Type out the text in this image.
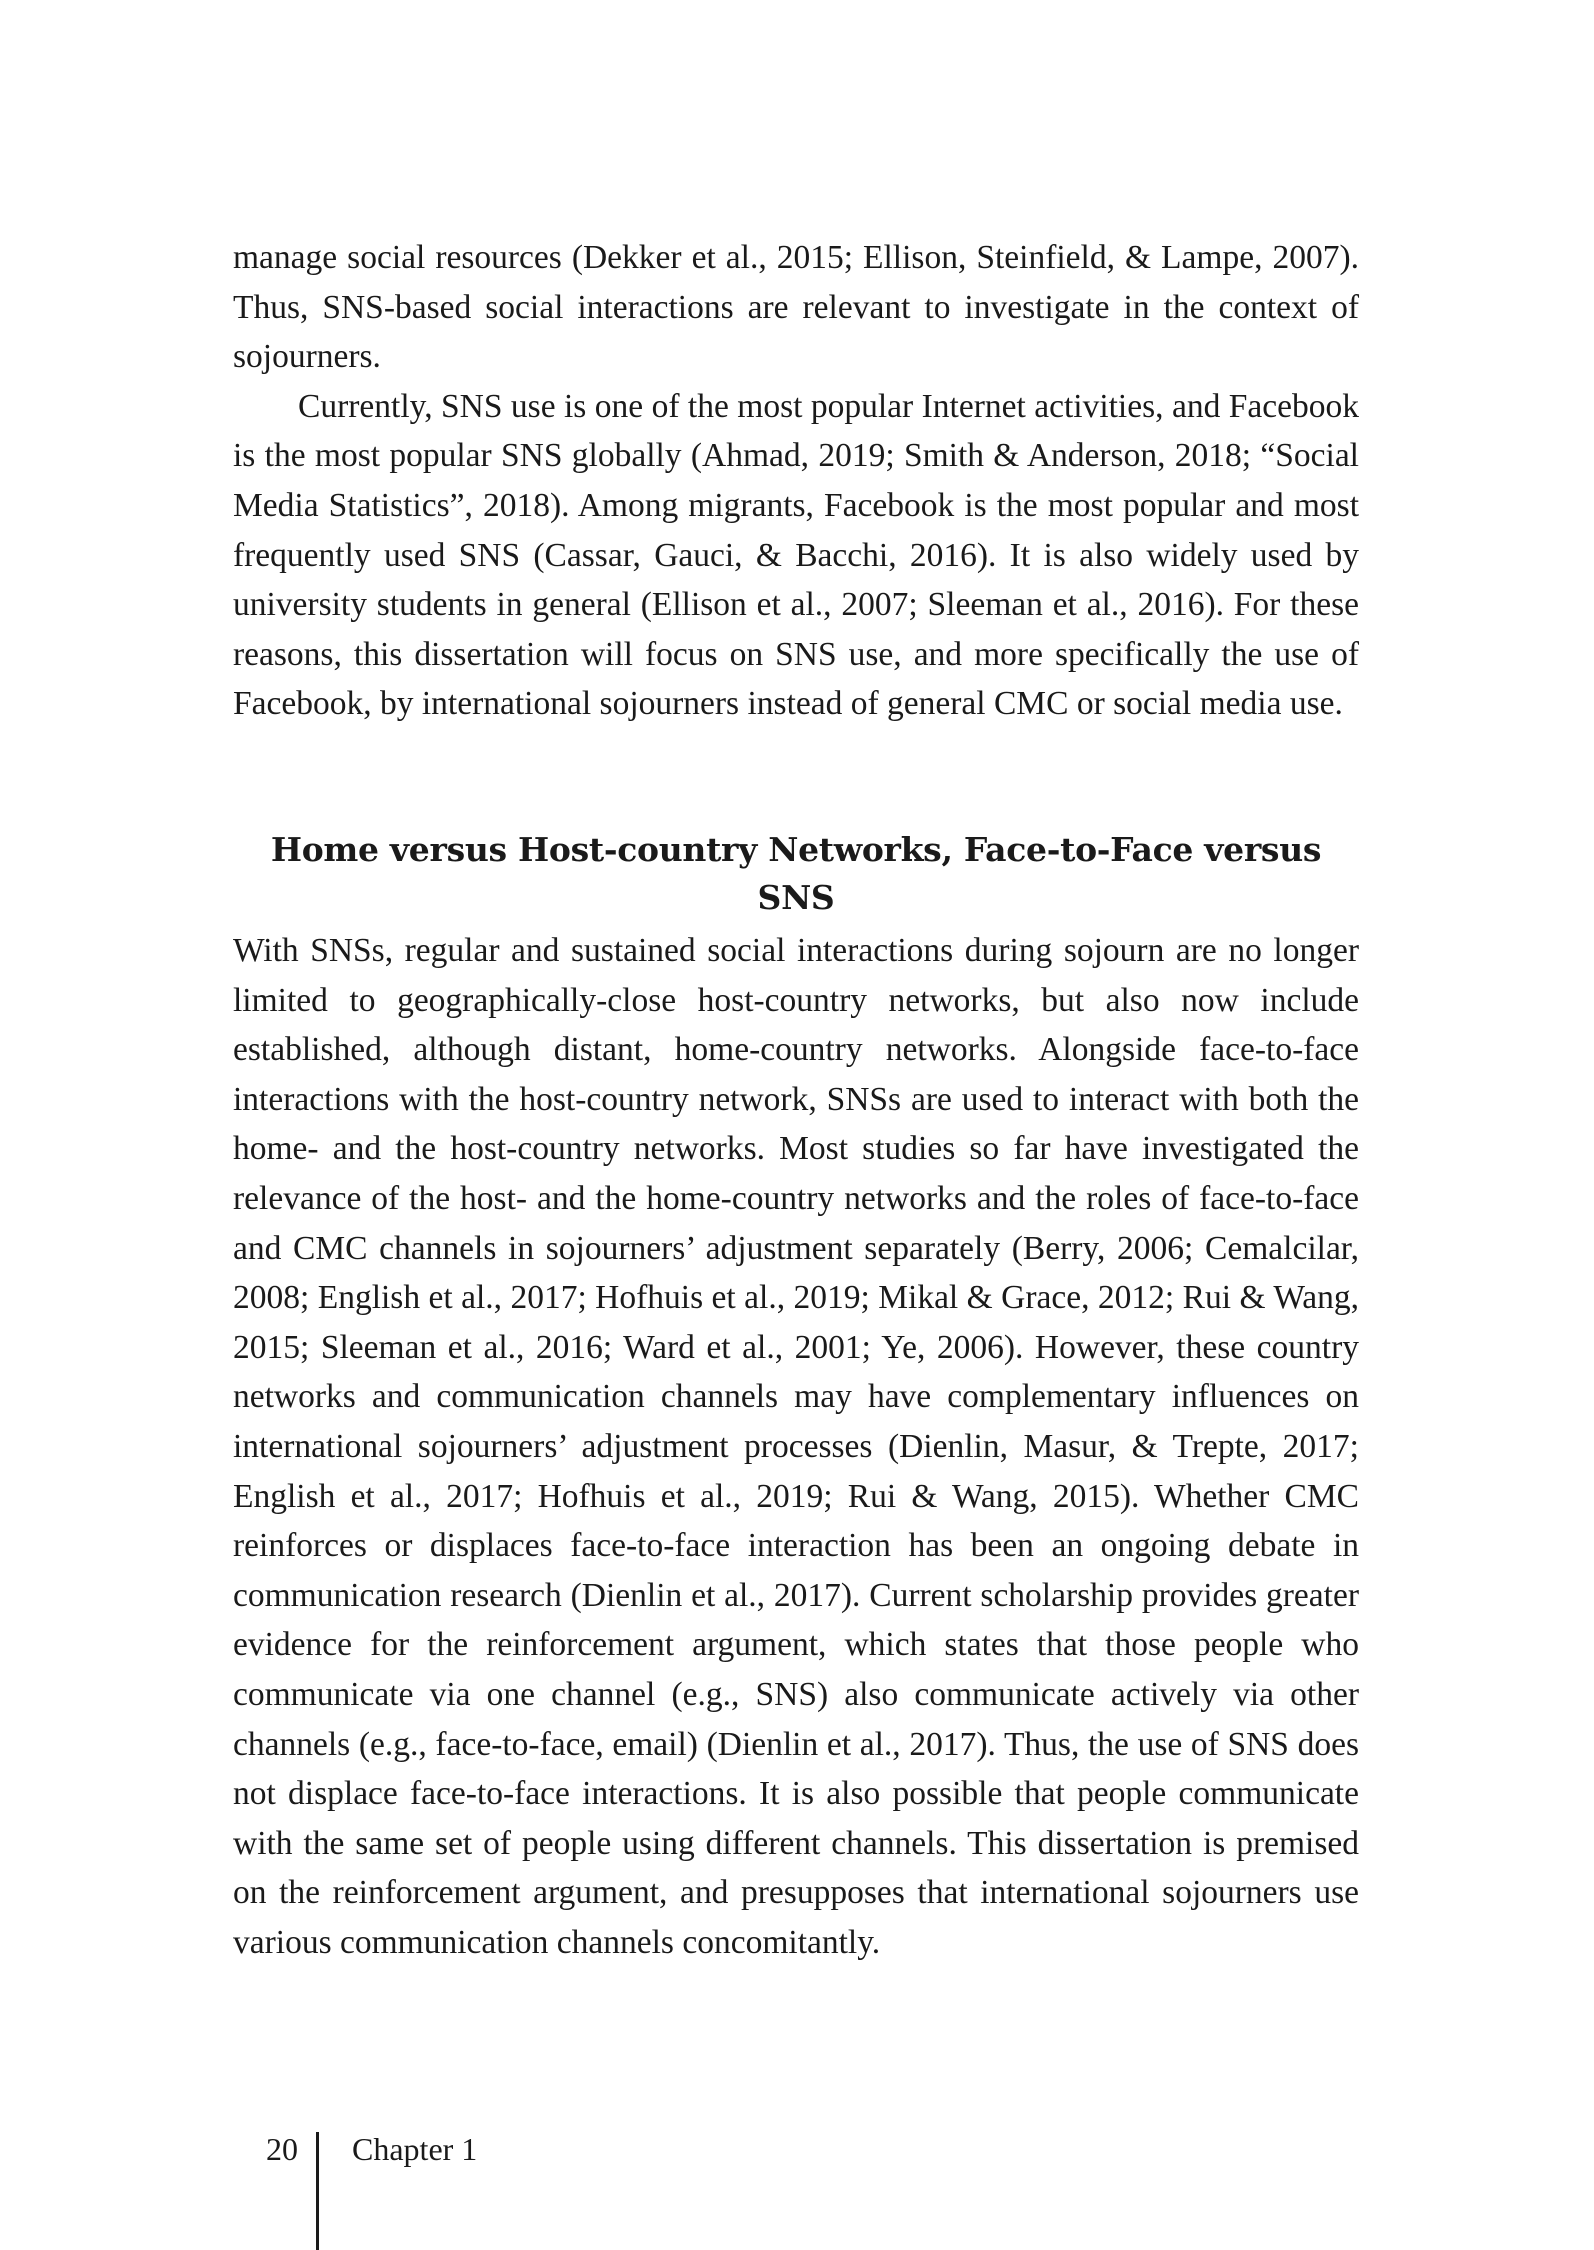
manage social resources (Dekker et al., 2015; Ellison, Steinfield, & Lampe, 2007). Thus, SNS-based social interactions are relevant to investigate in the context of sojourners.

Currently, SNS use is one of the most popular Internet activities, and Facebook is the most popular SNS globally (Ahmad, 2019; Smith & Anderson, 2018; “Social Media Statistics”, 2018). Among migrants, Facebook is the most popular and most frequently used SNS (Cassar, Gauci, & Bacchi, 2016). It is also widely used by university students in general (Ellison et al., 2007; Sleeman et al., 2016). For these reasons, this dissertation will focus on SNS use, and more specifically the use of Facebook, by international sojourners instead of general CMC or social media use.

Home versus Host-country Networks, Face-to-Face versus SNS

With SNSs, regular and sustained social interactions during sojourn are no longer limited to geographically-close host-country networks, but also now include established, although distant, home-country networks. Alongside face-to-face interactions with the host-country network, SNSs are used to interact with both the home- and the host-country networks. Most studies so far have investigated the relevance of the host- and the home-country networks and the roles of face-to-face and CMC channels in sojourners’ adjustment separately (Berry, 2006; Cemalcilar, 2008; English et al., 2017; Hofhuis et al., 2019; Mikal & Grace, 2012; Rui & Wang, 2015; Sleeman et al., 2016; Ward et al., 2001; Ye, 2006). However, these country networks and communication channels may have complementary influences on international sojourners’ adjustment processes (Dienlin, Masur, & Trepte, 2017; English et al., 2017; Hofhuis et al., 2019; Rui & Wang, 2015). Whether CMC reinforces or displaces face-to-face interaction has been an ongoing debate in communication research (Dienlin et al., 2017). Current scholarship provides greater evidence for the reinforcement argument, which states that those people who communicate via one channel (e.g., SNS) also communicate actively via other channels (e.g., face-to-face, email) (Dienlin et al., 2017). Thus, the use of SNS does not displace face-to-face interactions. It is also possible that people communicate with the same set of people using different channels. This dissertation is premised on the reinforcement argument, and presupposes that international sojourners use various communication channels concomitantly.

20 Chapter 1
